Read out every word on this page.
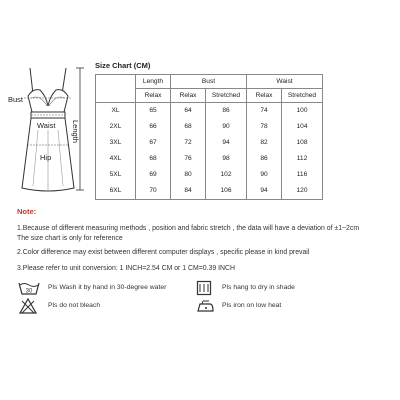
Bust
Waist
Hip
Length
Size Chart (CM)
	Length	Bust		Waist	
	Relax	Relax	Stretched	Relax	Stretched
XL	65	64	86	74	100
2XL	66	68	90	78	104
3XL	67	72	94	82	108
4XL	68	76	98	86	112
5XL	69	80	102	90	116
6XL	70	84	106	94	120
Note:
1.Because of different measuring methods , position and fabric stretch , the data will have a deviation of ±1~2cm
The size chart is only for reference
2.Color difference may exist between different computer displays , specific please in kind prevail
3.Please refer to unit conversion: 1 INCH=2.54 CM or 1 CM=0.39 INCH
30
Pls Wash it by hand in 30-degree water	Pls hang to dry in shade
Pls do not bleach	Pls iron on low heat
